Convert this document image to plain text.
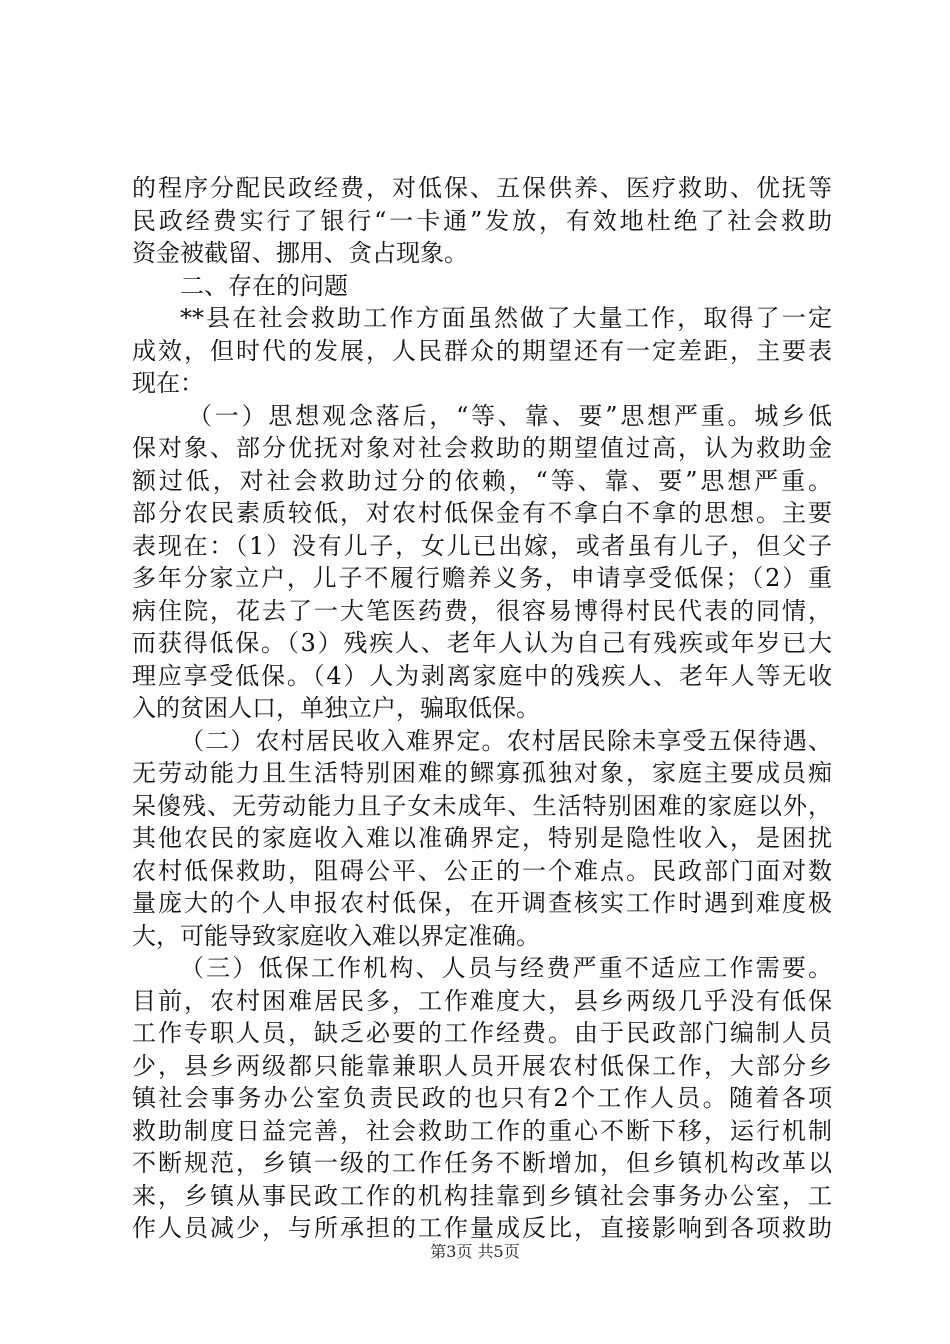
的程序分配民政经费，对低保、五保供养、医疗救助、优抚等
民政经费实行了银行“一卡通”发放，有效地杜绝了社会救助
资金被截留、挪用、贪占现象。
二、存在的问题
**县在社会救助工作方面虽然做了大量工作，取得了一定
成效，但时代的发展，人民群众的期望还有一定差距，主要表
现在：
（一）思想观念落后，“等、靠、要”思想严重。城乡低
保对象、部分优抚对象对社会救助的期望值过高，认为救助金
额过低，对社会救助过分的依赖，“等、靠、要”思想严重。
部分农民素质较低，对农村低保金有不拿白不拿的思想。主要
表现在：（1）没有儿子，女儿已出嫁，或者虽有儿子，但父子
多年分家立户，儿子不履行赡养义务，申请享受低保；（2）重
病住院，花去了一大笔医药费，很容易博得村民代表的同情，
而获得低保。（3）残疾人、老年人认为自己有残疾或年岁已大
理应享受低保。（4）人为剥离家庭中的残疾人、老年人等无收
入的贫困人口，单独立户，骗取低保。
（二）农村居民收入难界定。农村居民除未享受五保待遇、
无劳动能力且生活特别困难的鳏寡孤独对象，家庭主要成员痴
呆傻残、无劳动能力且子女未成年、生活特别困难的家庭以外，
其他农民的家庭收入难以准确界定，特别是隐性收入，是困扰
农村低保救助，阻碍公平、公正的一个难点。民政部门面对数
量庞大的个人申报农村低保，在开调查核实工作时遇到难度极
大，可能导致家庭收入难以界定准确。
（三）低保工作机构、人员与经费严重不适应工作需要。
目前，农村困难居民多，工作难度大，县乡两级几乎没有低保
工作专职人员，缺乏必要的工作经费。由于民政部门编制人员
少，县乡两级都只能靠兼职人员开展农村低保工作，大部分乡
镇社会事务办公室负责民政的也只有2个工作人员。随着各项
救助制度日益完善，社会救助工作的重心不断下移，运行机制
不断规范，乡镇一级的工作任务不断增加，但乡镇机构改革以
来，乡镇从事民政工作的机构挂靠到乡镇社会事务办公室，工
作人员减少，与所承担的工作量成反比，直接影响到各项救助
第3页 共5页
